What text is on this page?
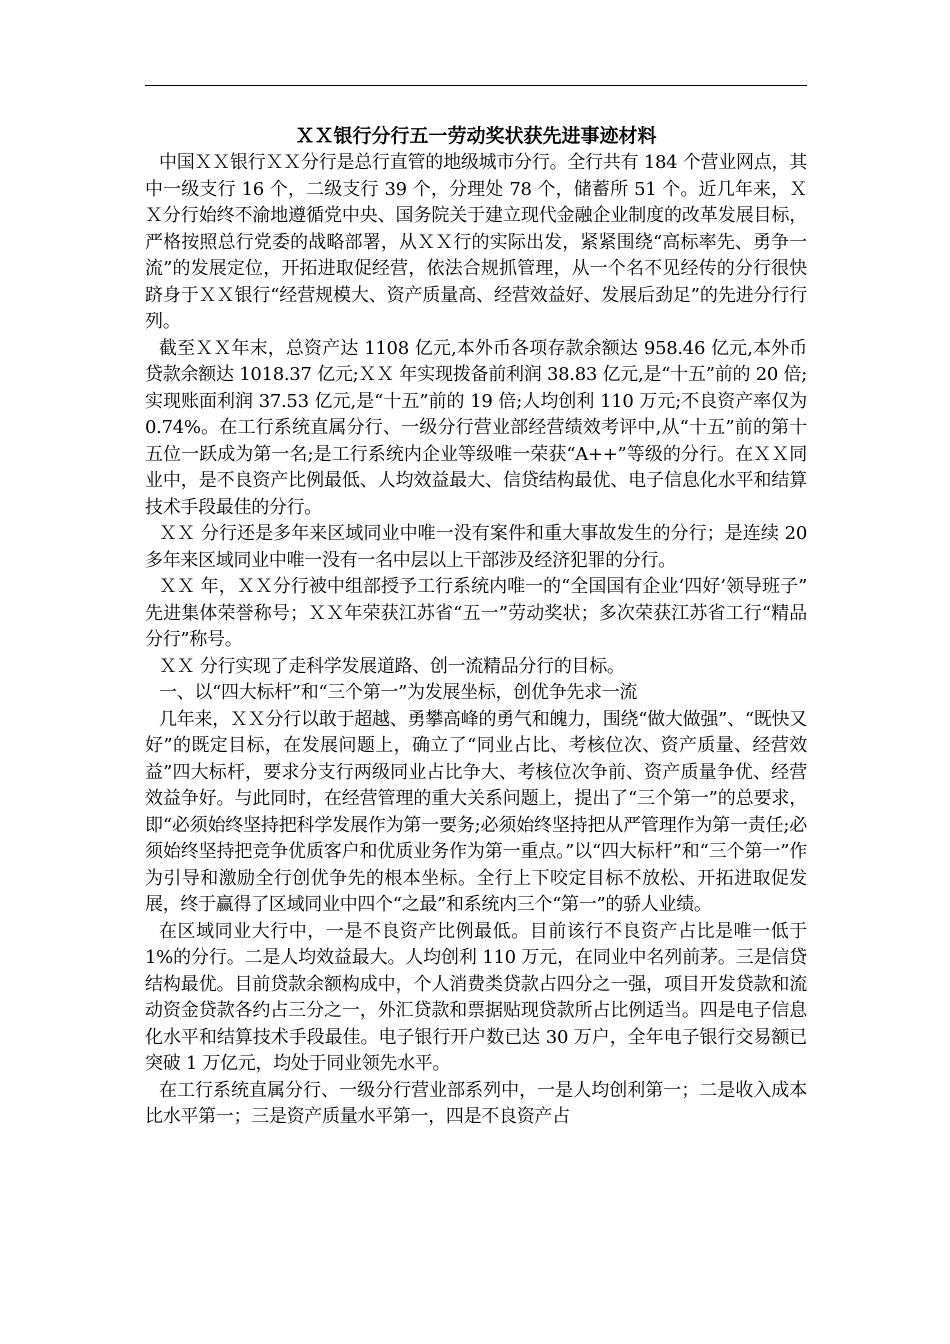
ＸＸ银行分行五一劳动奖状获先进事迹材料

中国ＸＸ银行ＸＸ分行是总行直管的地级城市分行。全行共有 184 个营业网点，其中一级支行 16 个，二级支行 39 个，分理处 78 个，储蓄所 51 个。近几年来，ＸＸ分行始终不渝地遵循党中央、国务院关于建立现代金融企业制度的改革发展目标，严格按照总行党委的战略部署，从ＸＸ行的实际出发，紧紧围绕“高标率先、勇争一流”的发展定位，开拓进取促经营，依法合规抓管理，从一个名不见经传的分行很快跻身于ＸＸ银行“经营规模大、资产质量高、经营效益好、发展后劲足”的先进分行行列。

截至ＸＸ年末，总资产达 1108 亿元,本外币各项存款余额达 958.46 亿元,本外币贷款余额达 1018.37 亿元;ＸＸ 年实现拨备前利润 38.83 亿元,是“十五”前的 20 倍;实现账面利润 37.53 亿元,是“十五”前的 19 倍;人均创利 110 万元;不良资产率仅为 0.74%。在工行系统直属分行、一级分行营业部经营绩效考评中,从“十五”前的第十五位一跃成为第一名;是工行系统内企业等级唯一荣获“A++”等级的分行。在ＸＸ同业中，是不良资产比例最低、人均效益最大、信贷结构最优、电子信息化水平和结算技术手段最佳的分行。

ＸＸ 分行还是多年来区域同业中唯一没有案件和重大事故发生的分行；是连续 20 多年来区域同业中唯一没有一名中层以上干部涉及经济犯罪的分行。

ＸＸ 年，ＸＸ分行被中组部授予工行系统内唯一的“全国国有企业‘四好’领导班子” 先进集体荣誉称号；ＸＸ年荣获江苏省“五一”劳动奖状；多次荣获江苏省工行“精品分行”称号。

ＸＸ 分行实现了走科学发展道路、创一流精品分行的目标。

一、以“四大标杆”和“三个第一”为发展坐标，创优争先求一流

几年来，ＸＸ分行以敢于超越、勇攀高峰的勇气和魄力，围绕“做大做强”、“既快又好”的既定目标，在发展问题上，确立了“同业占比、考核位次、资产质量、经营效益”四大标杆，要求分支行两级同业占比争大、考核位次争前、资产质量争优、经营效益争好。与此同时，在经营管理的重大关系问题上，提出了“三个第一”的总要求，即“必须始终坚持把科学发展作为第一要务;必须始终坚持把从严管理作为第一责任;必须始终坚持把竞争优质客户和优质业务作为第一重点。”以“四大标杆”和“三个第一”作为引导和激励全行创优争先的根本坐标。全行上下咬定目标不放松、开拓进取促发展，终于赢得了区域同业中四个“之最”和系统内三个“第一”的骄人业绩。

在区域同业大行中，一是不良资产比例最低。目前该行不良资产占比是唯一低于 1%的分行。二是人均效益最大。人均创利 110 万元，在同业中名列前茅。三是信贷结构最优。目前贷款余额构成中，个人消费类贷款占四分之一强，项目开发贷款和流动资金贷款各约占三分之一，外汇贷款和票据贴现贷款所占比例适当。四是电子信息化水平和结算技术手段最佳。电子银行开户数已达 30 万户，全年电子银行交易额已突破 1 万亿元，均处于同业领先水平。

在工行系统直属分行、一级分行营业部系列中，一是人均创利第一；二是收入成本比水平第一；三是资产质量水平第一，四是不良资产占
